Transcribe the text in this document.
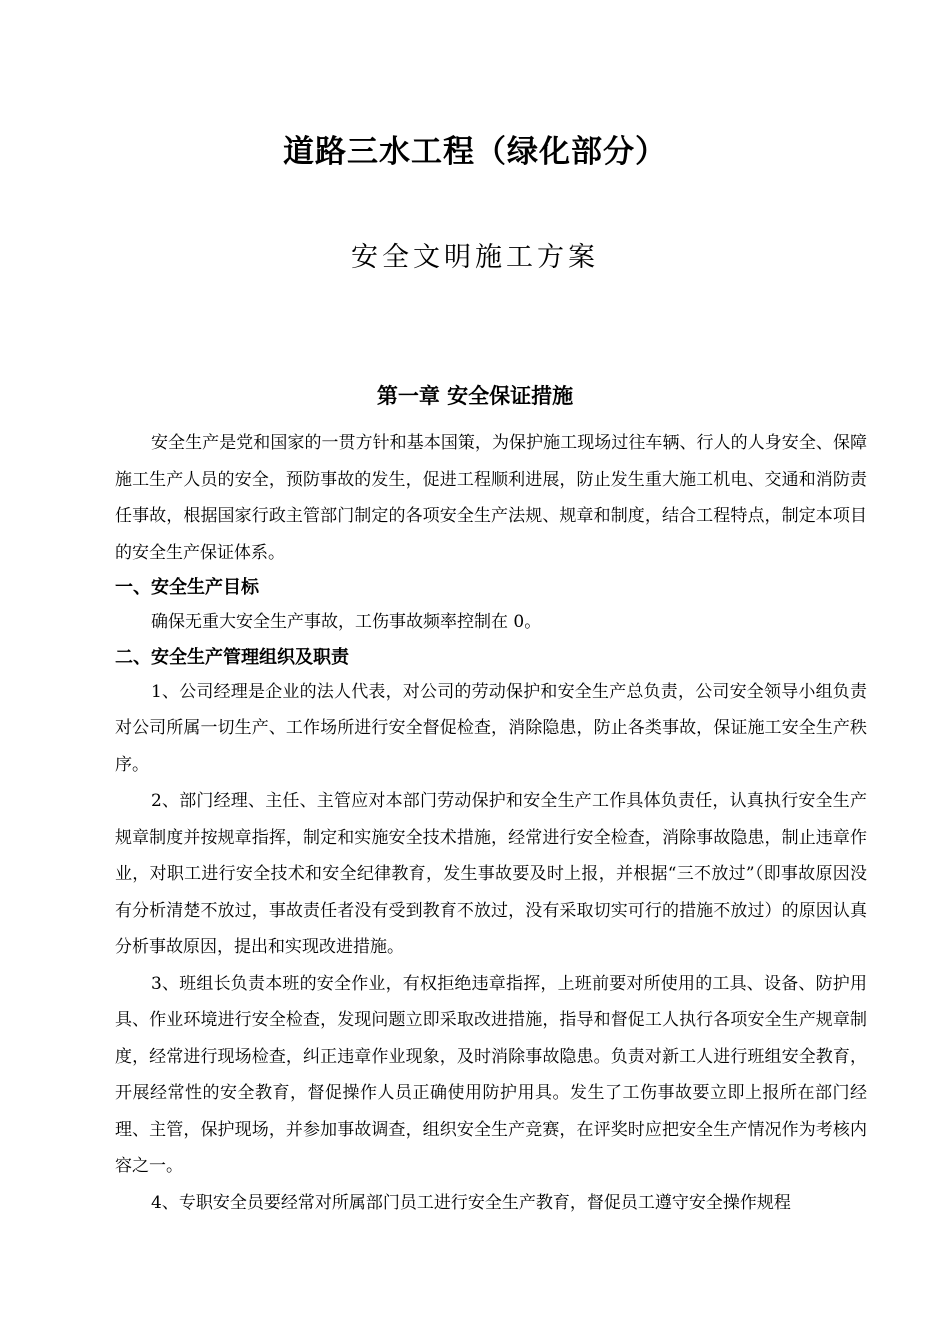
道路三水工程（绿化部分）
安全文明施工方案
第一章 安全保证措施

安全生产是党和国家的一贯方针和基本国策，为保护施工现场过往车辆、行人的人身安全、保障施工生产人员的安全，预防事故的发生，促进工程顺利进展，防止发生重大施工机电、交通和消防责任事故，根据国家行政主管部门制定的各项安全生产法规、规章和制度，结合工程特点，制定本项目的安全生产保证体系。

一、安全生产目标

确保无重大安全生产事故，工伤事故频率控制在 0。

二、安全生产管理组织及职责

1、公司经理是企业的法人代表，对公司的劳动保护和安全生产总负责，公司安全领导小组负责对公司所属一切生产、工作场所进行安全督促检查，消除隐患，防止各类事故，保证施工安全生产秩序。

2、部门经理、主任、主管应对本部门劳动保护和安全生产工作具体负责任，认真执行安全生产规章制度并按规章指挥，制定和实施安全技术措施，经常进行安全检查，消除事故隐患，制止违章作业，对职工进行安全技术和安全纪律教育，发生事故要及时上报，并根据“三不放过”（即事故原因没有分析清楚不放过，事故责任者没有受到教育不放过，没有采取切实可行的措施不放过）的原因认真分析事故原因，提出和实现改进措施。

3、班组长负责本班的安全作业，有权拒绝违章指挥，上班前要对所使用的工具、设备、防护用具、作业环境进行安全检查，发现问题立即采取改进措施，指导和督促工人执行各项安全生产规章制度，经常进行现场检查，纠正违章作业现象，及时消除事故隐患。负责对新工人进行班组安全教育，开展经常性的安全教育，督促操作人员正确使用防护用具。发生了工伤事故要立即上报所在部门经理、主管，保护现场，并参加事故调查，组织安全生产竞赛，在评奖时应把安全生产情况作为考核内容之一。

4、专职安全员要经常对所属部门员工进行安全生产教育，督促员工遵守安全操作规程
